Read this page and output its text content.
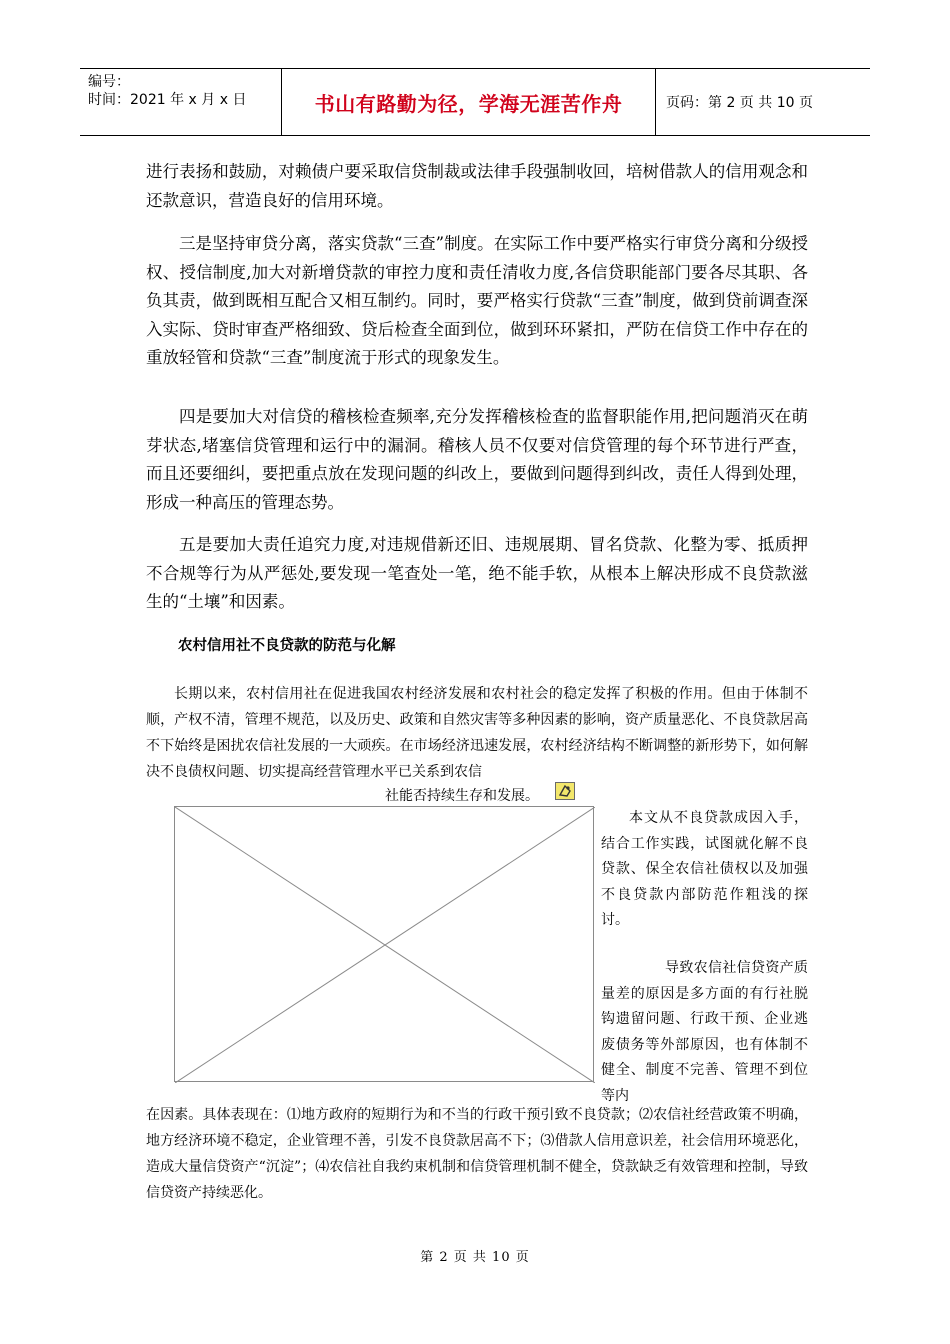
编号：
时间：2021 年 x 月 x 日	书山有路勤为径，学海无涯苦作舟	页码：第 2 页 共 10 页

进行表扬和鼓励，对赖债户要采取信贷制裁或法律手段强制收回，培树借款人的信用观念和还款意识，营造良好的信用环境。

三是坚持审贷分离，落实贷款“三查”制度。在实际工作中要严格实行审贷分离和分级授权、授信制度,加大对新增贷款的审控力度和责任清收力度,各信贷职能部门要各尽其职、各负其责，做到既相互配合又相互制约。同时，要严格实行贷款“三查”制度，做到贷前调查深入实际、贷时审查严格细致、贷后检查全面到位，做到环环紧扣，严防在信贷工作中存在的重放轻管和贷款“三查”制度流于形式的现象发生。

四是要加大对信贷的稽核检查频率,充分发挥稽核检查的监督职能作用,把问题消灭在萌芽状态,堵塞信贷管理和运行中的漏洞。稽核人员不仅要对信贷管理的每个环节进行严查，而且还要细纠，要把重点放在发现问题的纠改上，要做到问题得到纠改，责任人得到处理，形成一种高压的管理态势。

五是要加大责任追究力度,对违规借新还旧、违规展期、冒名贷款、化整为零、抵质押不合规等行为从严惩处,要发现一笔查处一笔，绝不能手软，从根本上解决形成不良贷款滋生的“土壤”和因素。

农村信用社不良贷款的防范与化解

长期以来，农村信用社在促进我国农村经济发展和农村社会的稳定发挥了积极的作用。但由于体制不顺，产权不清，管理不规范，以及历史、政策和自然灾害等多种因素的影响，资产质量恶化、不良贷款居高不下始终是困扰农信社发展的一大顽疾。在市场经济迅速发展，农村经济结构不断调整的新形势下，如何解决不良债权问题、切实提高经营管理水平已关系到农信

社能否持续生存和发展。

本文从不良贷款成因入手，结合工作实践，试图就化解不良贷款、保全农信社债权以及加强不良贷款内部防范作粗浅的探讨。

导致农信社信贷资产质量差的原因是多方面的有行社脱钩遗留问题、行政干预、企业逃废债务等外部原因，也有体制不健全、制度不完善、管理不到位等内

在因素。具体表现在：⑴地方政府的短期行为和不当的行政干预引致不良贷款；⑵农信社经营政策不明确，地方经济环境不稳定，企业管理不善，引发不良贷款居高不下；⑶借款人信用意识差，社会信用环境恶化，造成大量信贷资产“沉淀”；⑷农信社自我约束机制和信贷管理机制不健全，贷款缺乏有效管理和控制，导致信贷资产持续恶化。

第 2 页 共 10 页
